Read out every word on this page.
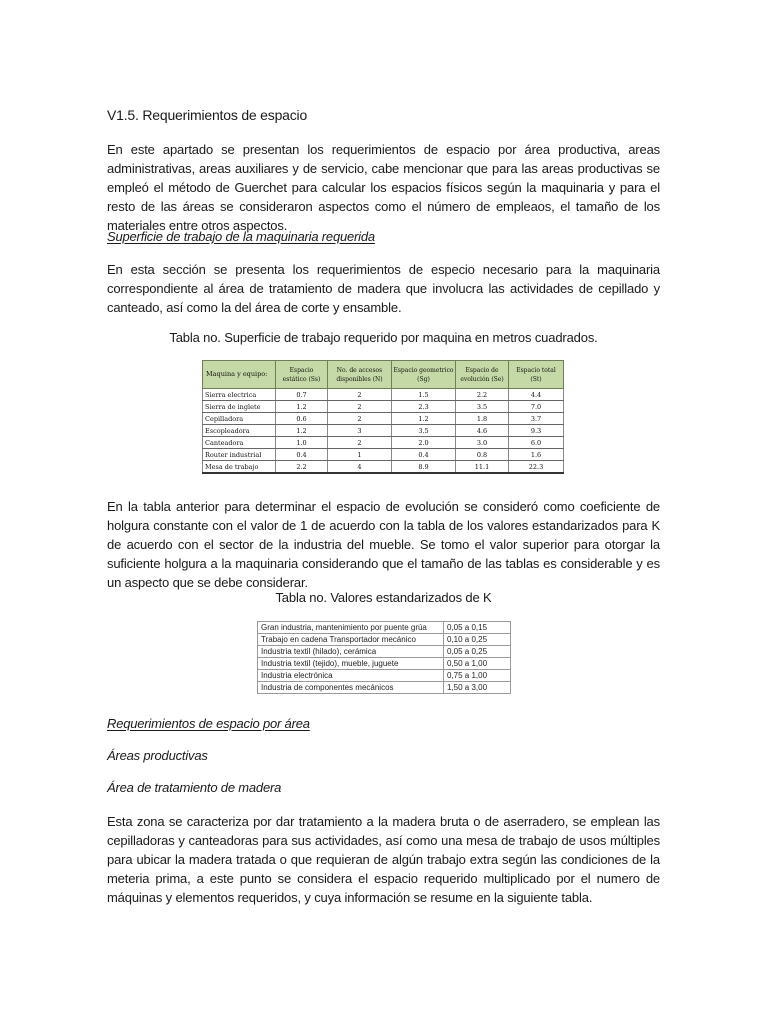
V1.5. Requerimientos de espacio

En este apartado se presentan los requerimientos de espacio por área productiva, areas administrativas, areas auxiliares y de servicio, cabe mencionar que para las areas productivas se empleó el método de Guerchet para calcular los espacios físicos según la maquinaria y para el resto de las áreas se consideraron aspectos como el número de empleaos, el tamaño de los materiales entre otros aspectos.

Superficie de trabajo de la maquinaria requerida

En esta sección se presenta los requerimientos de especio necesario para la maquinaria correspondiente al área de tratamiento de madera que involucra las actividades de cepillado y canteado, así como la del área de corte y ensamble.

Tabla no. Superficie de trabajo requerido por maquina en metros cuadrados.

Maquina y equipo:	Espacio estático (Ss)	No. de accesos disponibles (N)	Espacio geometrico (Sg)	Espacio de evolución (Se)	Espacio total (St)
Sierra electrica	0.7	2	1.5	2.2	4.4
Sierra de inglete	1.2	2	2.3	3.5	7.0
Cepilladora	0.6	2	1.2	1.8	3.7
Escopleadora	1.2	3	3.5	4.6	9.3
Canteadora	1.0	2	2.0	3.0	6.0
Router industrial	0.4	1	0.4	0.8	1.6
Mesa de trabajo	2.2	4	8.9	11.1	22.3

En la tabla anterior para determinar el espacio de evolución se consideró como coeficiente de holgura constante con el valor de 1 de acuerdo con la tabla de los valores estandarizados para K de acuerdo con el sector de la industria del mueble. Se tomo el valor superior para otorgar la suficiente holgura a la maquinaria considerando que el tamaño de las tablas es considerable y es un aspecto que se debe considerar.

Tabla no. Valores estandarizados de K

Gran industria, mantenimiento por puente grúa	0,05 a 0,15
Trabajo en cadena Transportador mecánico	0,10 a 0,25
Industria textil (hilado), cerámica	0,05 a 0,25
Industria textil (tejido), mueble, juguete	0,50 a 1,00
Industria electrónica	0,75 a 1,00
Industria de componentes mecánicos	1,50 a 3,00

Requerimientos de espacio por área

Áreas productivas

Área de tratamiento de madera

Esta zona se caracteriza por dar tratamiento a la madera bruta o de aserradero, se emplean las cepilladoras y canteadoras para sus actividades, así como una mesa de trabajo de usos múltiples para ubicar la madera tratada o que requieran de algún trabajo extra según las condiciones de la meteria prima, a este punto se considera el espacio requerido multiplicado por el numero de máquinas y elementos requeridos, y cuya información se resume en la siguiente tabla.
